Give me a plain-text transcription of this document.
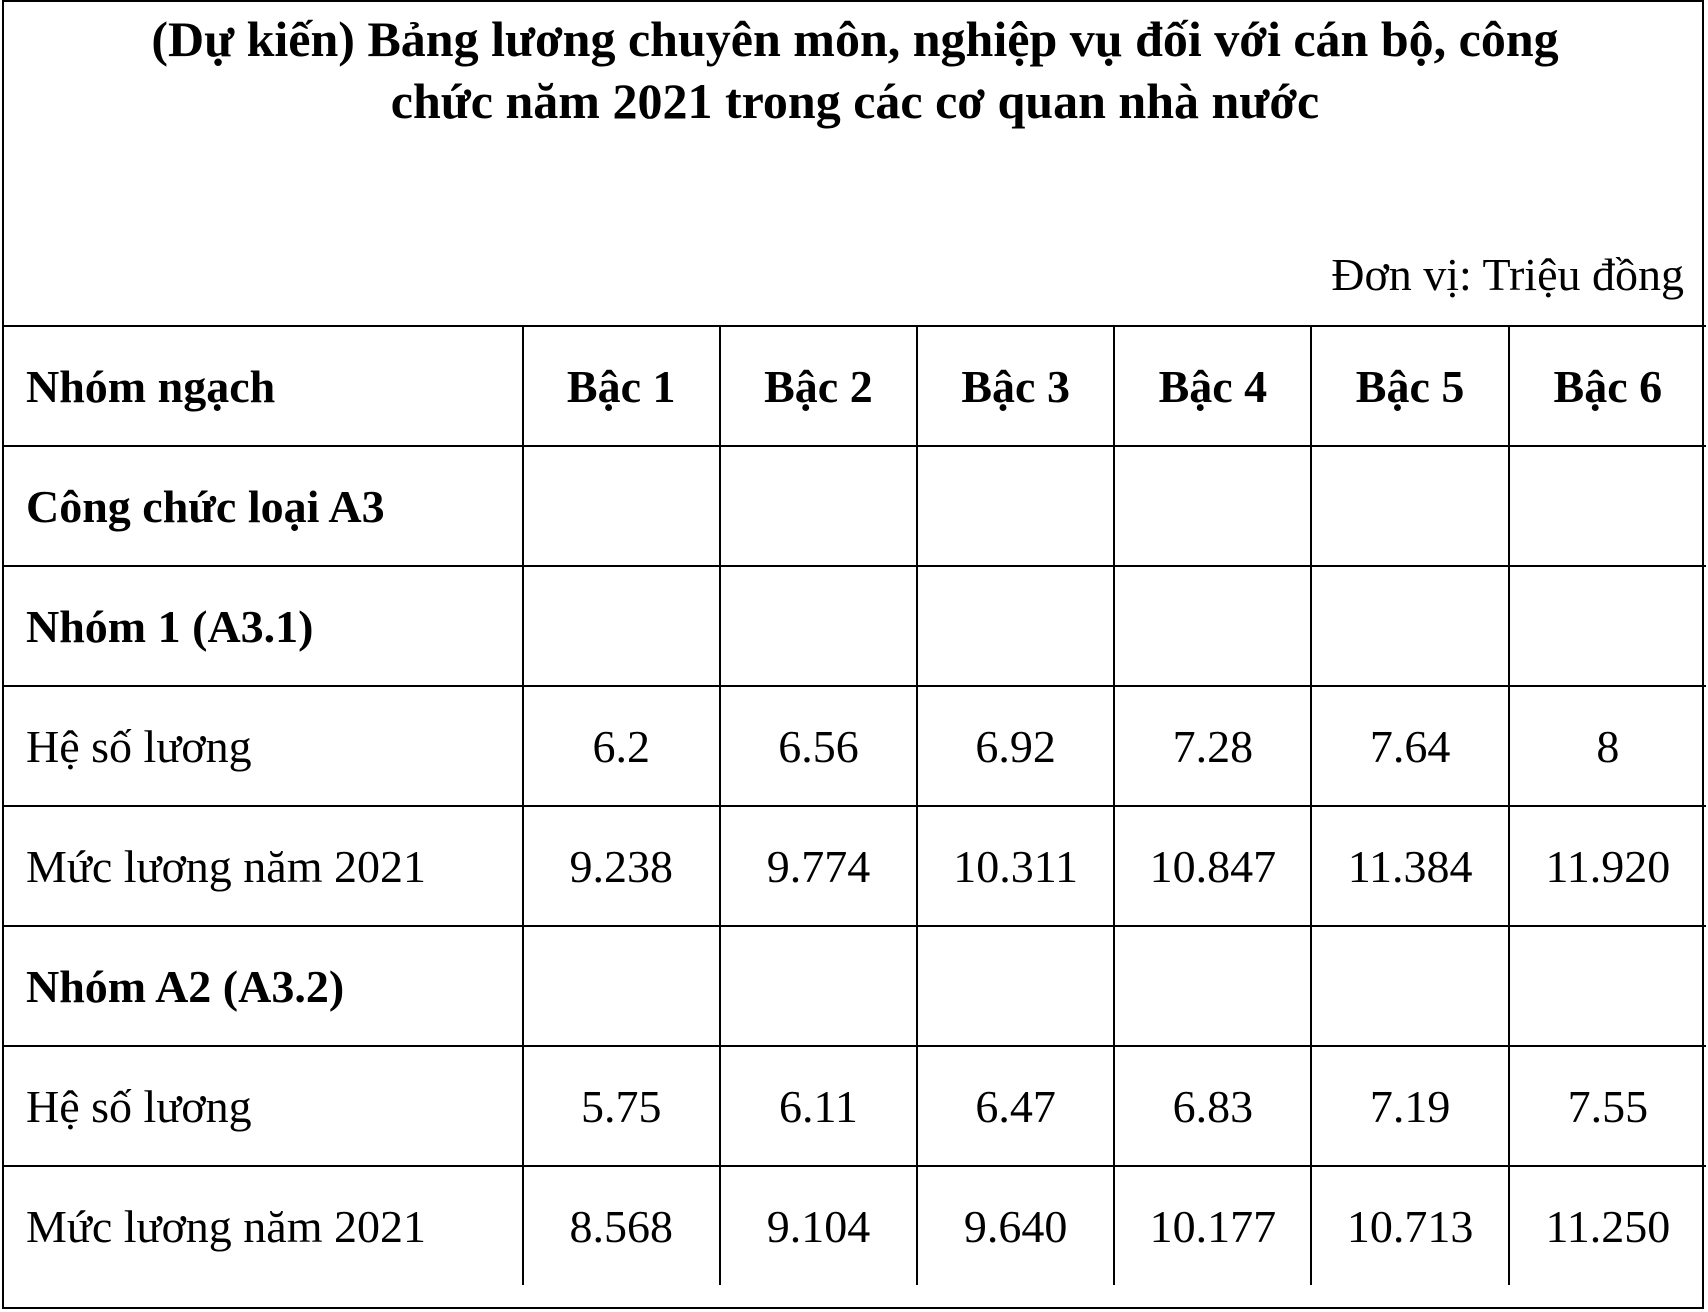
(Dự kiến) Bảng lương chuyên môn, nghiệp vụ đối với cán bộ, công
chức năm 2021 trong các cơ quan nhà nước
Đơn vị: Triệu đồng
Nhóm ngạch	Bậc 1	Bậc 2	Bậc 3	Bậc 4	Bậc 5	Bậc 6
Công chức loại A3						
Nhóm 1 (A3.1)						
Hệ số lương	6.2	6.56	6.92	7.28	7.64	8
Mức lương năm 2021	9.238	9.774	10.311	10.847	11.384	11.920
Nhóm A2 (A3.2)						
Hệ số lương	5.75	6.11	6.47	6.83	7.19	7.55
Mức lương năm 2021	8.568	9.104	9.640	10.177	10.713	11.250
